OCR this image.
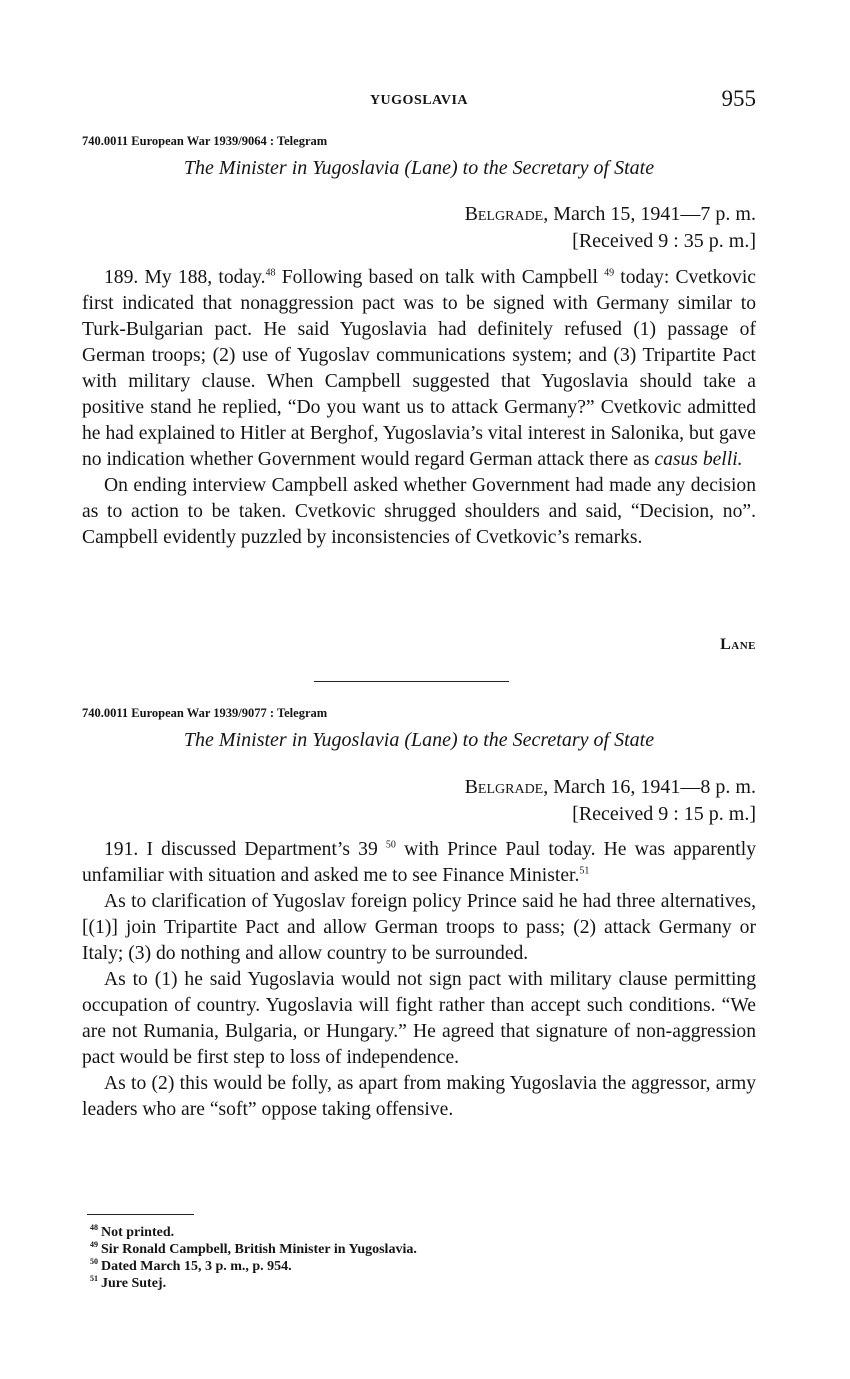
YUGOSLAVIA	955
740.0011 European War 1939/9064 : Telegram
The Minister in Yugoslavia (Lane) to the Secretary of State
Belgrade, March 15, 1941—7 p. m.
[Received 9 : 35 p. m.]

189. My 188, today.$^{48}$ Following based on talk with Campbell $^{49}$ today: Cvetkovic first indicated that nonaggression pact was to be signed with Germany similar to Turk-Bulgarian pact. He said Yugoslavia had definitely refused (1) passage of German troops; (2) use of Yugoslav communications system; and (3) Tripartite Pact with military clause. When Campbell suggested that Yugoslavia should take a positive stand he replied, “Do you want us to attack Germany?” Cvetkovic admitted he had explained to Hitler at Berghof, Yugoslavia’s vital interest in Salonika, but gave no indication whether Government would regard German attack there as casus belli.

On ending interview Campbell asked whether Government had made any decision as to action to be taken. Cvetkovic shrugged shoulders and said, “Decision, no”. Campbell evidently puzzled by inconsistencies of Cvetkovic’s remarks.

Lane
740.0011 European War 1939/9077 : Telegram
The Minister in Yugoslavia (Lane) to the Secretary of State
Belgrade, March 16, 1941—8 p. m.
[Received 9 : 15 p. m.]

191. I discussed Department’s 39 $^{50}$ with Prince Paul today. He was apparently unfamiliar with situation and asked me to see Finance Minister.$^{51}$

As to clarification of Yugoslav foreign policy Prince said he had three alternatives, [(1)] join Tripartite Pact and allow German troops to pass; (2) attack Germany or Italy; (3) do nothing and allow country to be surrounded.

As to (1) he said Yugoslavia would not sign pact with military clause permitting occupation of country. Yugoslavia will fight rather than accept such conditions. “We are not Rumania, Bulgaria, or Hungary.” He agreed that signature of non-aggression pact would be first step to loss of independence.

As to (2) this would be folly, as apart from making Yugoslavia the aggressor, army leaders who are “soft” oppose taking offensive.

$^{48}$ Not printed.
$^{49}$ Sir Ronald Campbell, British Minister in Yugoslavia.
$^{50}$ Dated March 15, 3 p. m., p. 954.
$^{51}$ Jure Sutej.
